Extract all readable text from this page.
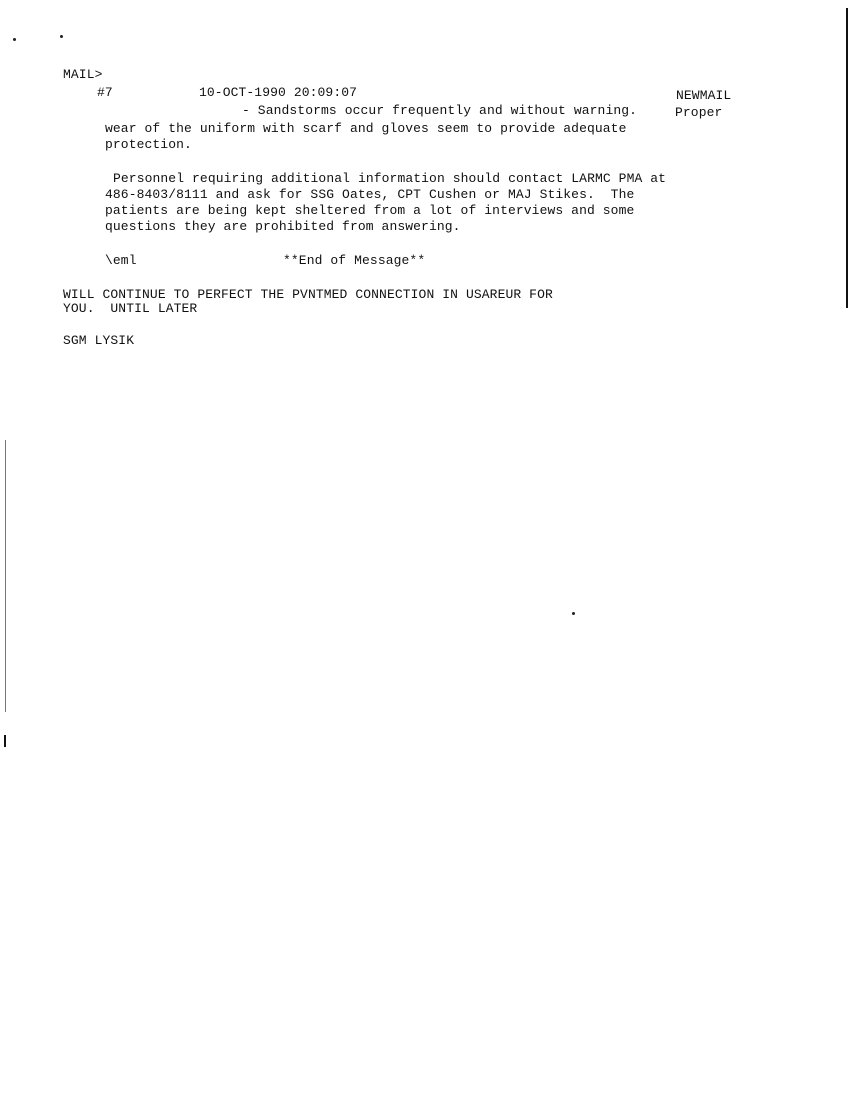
MAIL>
#7	10-OCT-1990 20:09:07	NEWMAIL
- Sandstorms occur frequently and without warning.	Proper
wear of the uniform with scarf and gloves seem to provide adequate
protection.
Personnel requiring additional information should contact LARMC PMA at
486-8403/8111 and ask for SSG Oates, CPT Cushen or MAJ Stikes.  The
patients are being kept sheltered from a lot of interviews and some
questions they are prohibited from answering.
\eml	**End of Message**
WILL CONTINUE TO PERFECT THE PVNTMED CONNECTION IN USAREUR FOR
YOU.  UNTIL LATER
SGM LYSIK
